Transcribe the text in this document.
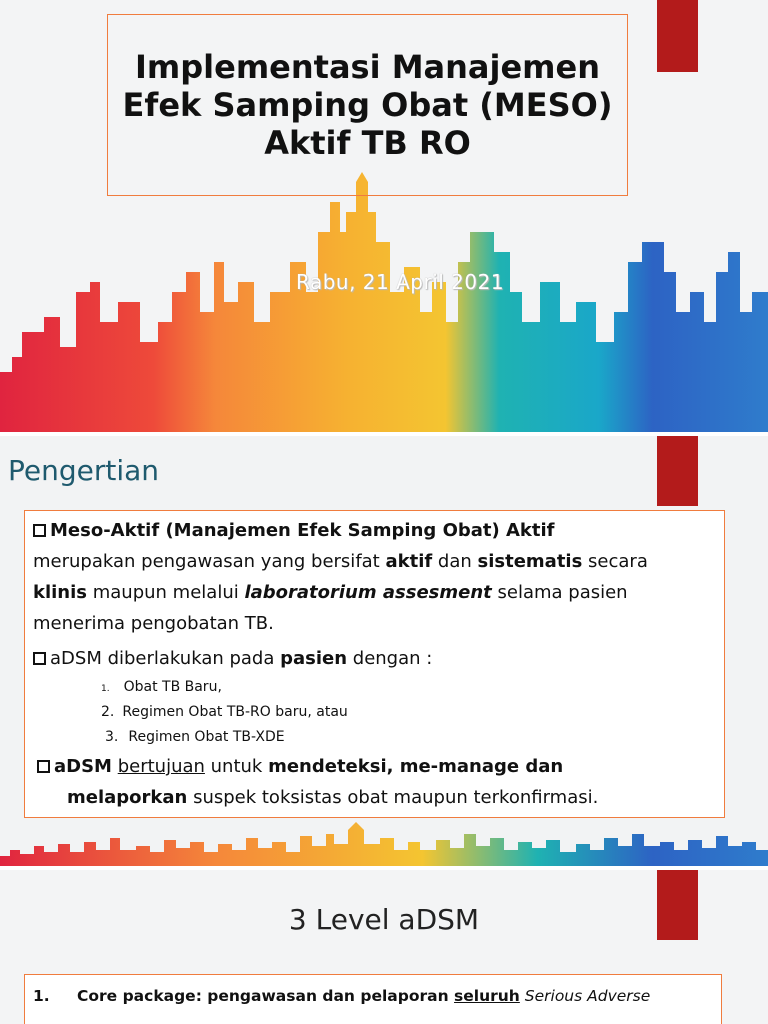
Implementasi Manajemen
Efek Samping Obat (MESO)
Aktif TB RO
Rabu, 21 April 2021
Pengertian
Meso-Aktif (Manajemen Efek Samping Obat) Aktif
merupakan pengawasan yang bersifat aktif dan sistematis secara
klinis maupun melalui laboratorium assesment selama pasien
menerima pengobatan TB.
aDSM diberlakukan pada pasien dengan :
1. Obat TB Baru,
2. Regimen Obat TB-RO baru, atau
3. Regimen Obat TB-XDE
aDSM bertujuan untuk mendeteksi, me-manage dan
melaporkan suspek toksistas obat maupun terkonfirmasi.
3 Level aDSM
1. Core package: pengawasan dan pelaporan seluruh Serious Adverse
